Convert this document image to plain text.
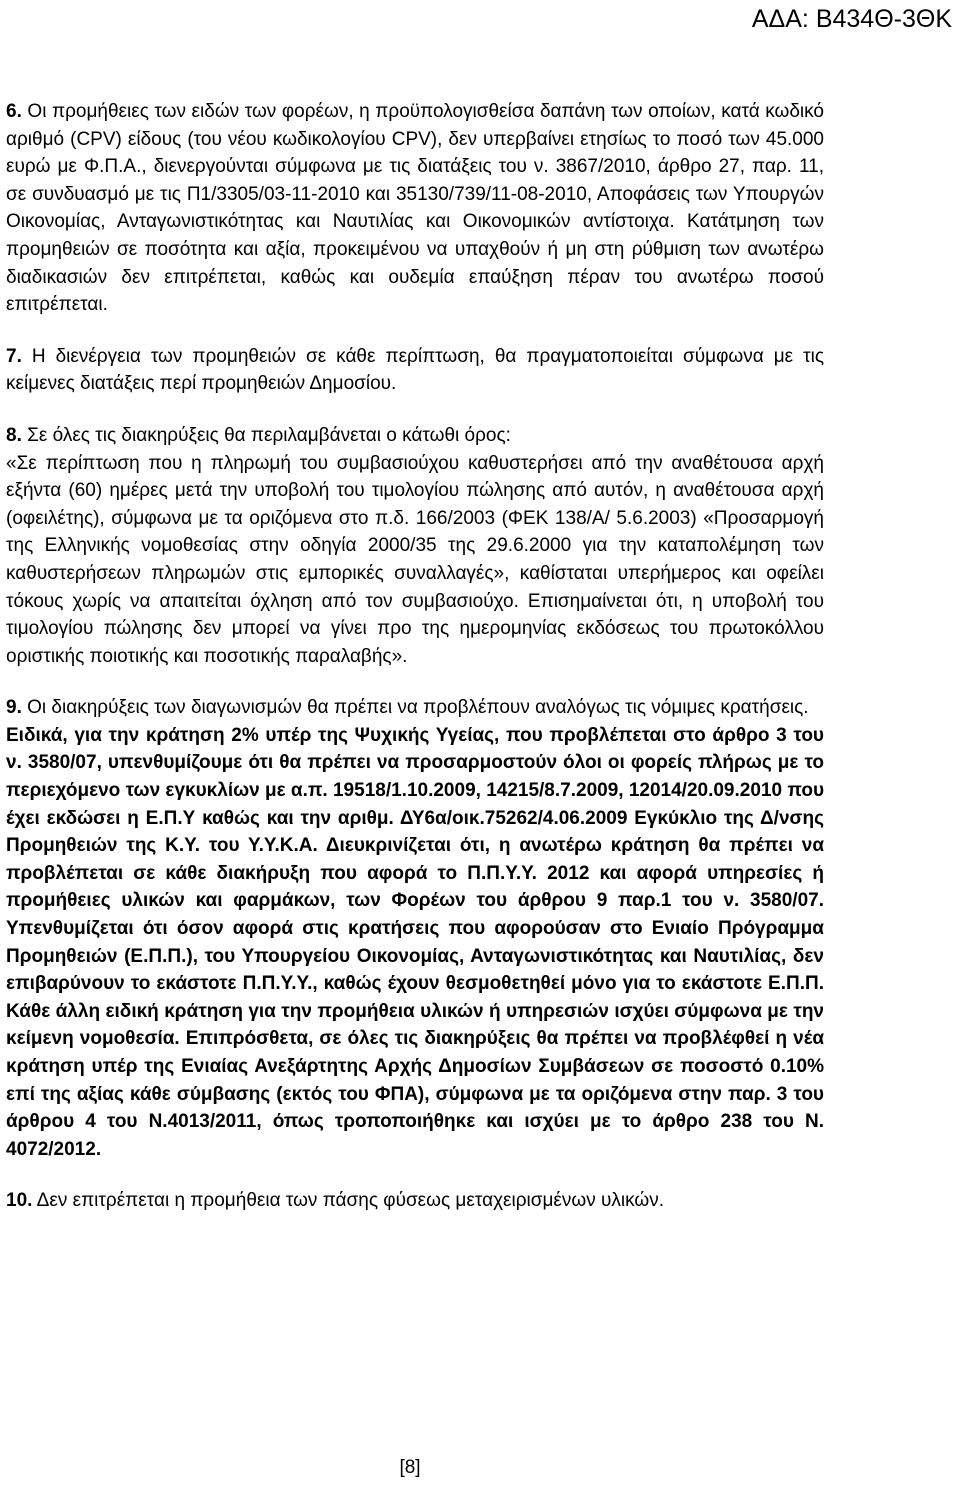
ΑΔΑ: Β434Θ-3ΘΚ

6. Οι προμήθειες των ειδών των φορέων, η προϋπολογισθείσα δαπάνη των οποίων, κατά κωδικό αριθμό (CPV) είδους (του νέου κωδικολογίου CPV), δεν υπερβαίνει ετησίως το ποσό των 45.000 ευρώ με Φ.Π.Α., διενεργούνται σύμφωνα με τις διατάξεις του ν. 3867/2010, άρθρο 27, παρ. 11, σε συνδυασμό με τις Π1/3305/03-11-2010 και 35130/739/11-08-2010, Αποφάσεις των Υπουργών Οικονομίας, Ανταγωνιστικότητας και Ναυτιλίας και Οικονομικών αντίστοιχα. Κατάτμηση των προμηθειών σε ποσότητα και αξία, προκειμένου να υπαχθούν ή μη στη ρύθμιση των ανωτέρω διαδικασιών δεν επιτρέπεται, καθώς και ουδεμία επαύξηση πέραν του ανωτέρω ποσού επιτρέπεται.

7. Η διενέργεια των προμηθειών σε κάθε περίπτωση, θα πραγματοποιείται σύμφωνα με τις κείμενες διατάξεις περί προμηθειών Δημοσίου.

8. Σε όλες τις διακηρύξεις θα περιλαμβάνεται ο κάτωθι όρος:

«Σε περίπτωση που η πληρωμή του συμβασιούχου καθυστερήσει από την αναθέτουσα αρχή εξήντα (60) ημέρες μετά την υποβολή του τιμολογίου πώλησης από αυτόν, η αναθέτουσα αρχή (οφειλέτης), σύμφωνα με τα οριζόμενα στο π.δ. 166/2003 (ΦΕΚ 138/Α/ 5.6.2003) «Προσαρμογή της Ελληνικής νομοθεσίας στην οδηγία 2000/35 της 29.6.2000 για την καταπολέμηση των καθυστερήσεων πληρωμών στις εμπορικές συναλλαγές», καθίσταται υπερήμερος και οφείλει τόκους χωρίς να απαιτείται όχληση από τον συμβασιούχο. Επισημαίνεται ότι, η υποβολή του τιμολογίου πώλησης δεν μπορεί να γίνει προ της ημερομηνίας εκδόσεως του πρωτοκόλλου οριστικής ποιοτικής και ποσοτικής παραλαβής».

9. Οι διακηρύξεις των διαγωνισμών θα πρέπει να προβλέπουν αναλόγως τις νόμιμες κρατήσεις.

Ειδικά, για την κράτηση 2% υπέρ της Ψυχικής Υγείας, που προβλέπεται στο άρθρο 3 του ν. 3580/07, υπενθυμίζουμε ότι θα πρέπει να προσαρμοστούν όλοι οι φορείς πλήρως με το περιεχόμενο των εγκυκλίων με α.π. 19518/1.10.2009, 14215/8.7.2009, 12014/20.09.2010 που έχει εκδώσει η Ε.Π.Υ καθώς και την αριθμ. ΔΥ6α/οικ.75262/4.06.2009 Εγκύκλιο της Δ/νσης Προμηθειών της Κ.Υ. του Υ.Υ.Κ.Α. Διευκρινίζεται ότι, η ανωτέρω κράτηση θα πρέπει να προβλέπεται σε κάθε διακήρυξη που αφορά το Π.Π.Υ.Υ. 2012 και αφορά υπηρεσίες ή προμήθειες υλικών και φαρμάκων, των Φορέων του άρθρου 9 παρ.1 του ν. 3580/07. Υπενθυμίζεται ότι όσον αφορά στις κρατήσεις που αφορούσαν στο Ενιαίο Πρόγραμμα Προμηθειών (Ε.Π.Π.), του Υπουργείου Οικονομίας, Ανταγωνιστικότητας και Ναυτιλίας, δεν επιβαρύνουν το εκάστοτε Π.Π.Υ.Υ., καθώς έχουν θεσμοθετηθεί μόνο για το εκάστοτε Ε.Π.Π. Κάθε άλλη ειδική κράτηση για την προμήθεια υλικών ή υπηρεσιών ισχύει σύμφωνα με την κείμενη νομοθεσία. Επιπρόσθετα, σε όλες τις διακηρύξεις θα πρέπει να προβλέφθεί η νέα κράτηση υπέρ της Ενιαίας Ανεξάρτητης Αρχής Δημοσίων Συμβάσεων σε ποσοστό 0.10% επί της αξίας κάθε σύμβασης (εκτός του ΦΠΑ), σύμφωνα με τα οριζόμενα στην παρ. 3 του άρθρου 4 του Ν.4013/2011, όπως τροποποιήθηκε και ισχύει με το άρθρο 238 του Ν. 4072/2012.

10. Δεν επιτρέπεται η προμήθεια των πάσης φύσεως μεταχειρισμένων υλικών.

[8]
